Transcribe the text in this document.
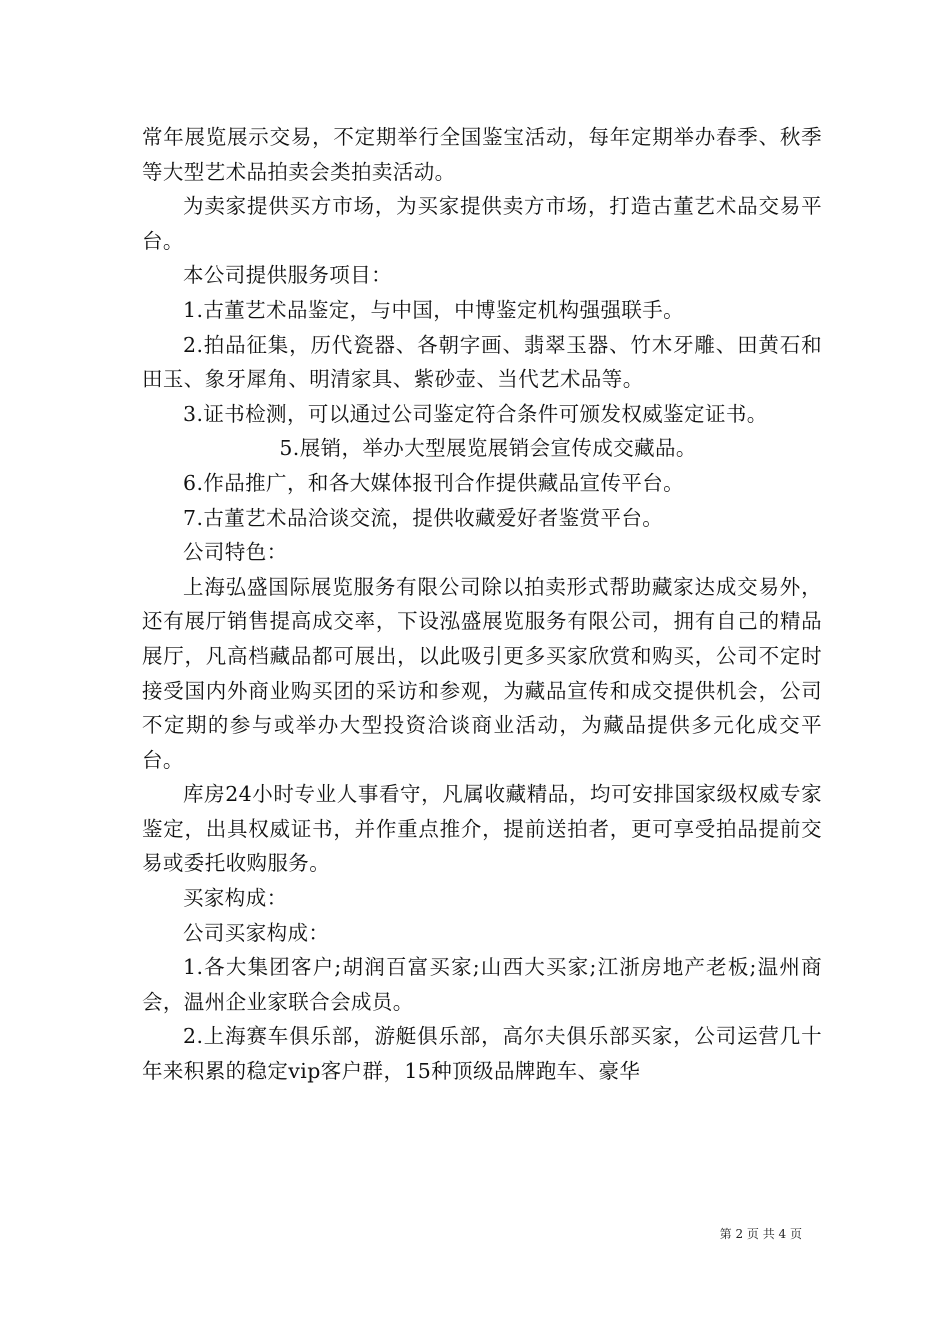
常年展览展示交易，不定期举行全国鉴宝活动，每年定期举办春季、秋季等大型艺术品拍卖会类拍卖活动。

为卖家提供买方市场，为买家提供卖方市场，打造古董艺术品交易平台。

本公司提供服务项目：

1.古董艺术品鉴定，与中国，中博鉴定机构强强联手。

2.拍品征集，历代瓷器、各朝字画、翡翠玉器、竹木牙雕、田黄石和田玉、象牙犀角、明清家具、紫砂壶、当代艺术品等。

3.证书检测，可以通过公司鉴定符合条件可颁发权威鉴定证书。

5.展销，举办大型展览展销会宣传成交藏品。

6.作品推广，和各大媒体报刊合作提供藏品宣传平台。

7.古董艺术品洽谈交流，提供收藏爱好者鉴赏平台。

公司特色：

上海弘盛国际展览服务有限公司除以拍卖形式帮助藏家达成交易外，还有展厅销售提高成交率，下设泓盛展览服务有限公司，拥有自己的精品展厅，凡高档藏品都可展出，以此吸引更多买家欣赏和购买，公司不定时接受国内外商业购买团的采访和参观，为藏品宣传和成交提供机会，公司不定期的参与或举办大型投资洽谈商业活动，为藏品提供多元化成交平台。

库房24小时专业人事看守，凡属收藏精品，均可安排国家级权威专家鉴定，出具权威证书，并作重点推介，提前送拍者，更可享受拍品提前交易或委托收购服务。

买家构成：

公司买家构成：

1.各大集团客户;胡润百富买家;山西大买家;江浙房地产老板;温州商会，温州企业家联合会成员。

2.上海赛车俱乐部，游艇俱乐部，高尔夫俱乐部买家，公司运营几十年来积累的稳定vip客户群，15种顶级品牌跑车、豪华

第 2 页 共 4 页
